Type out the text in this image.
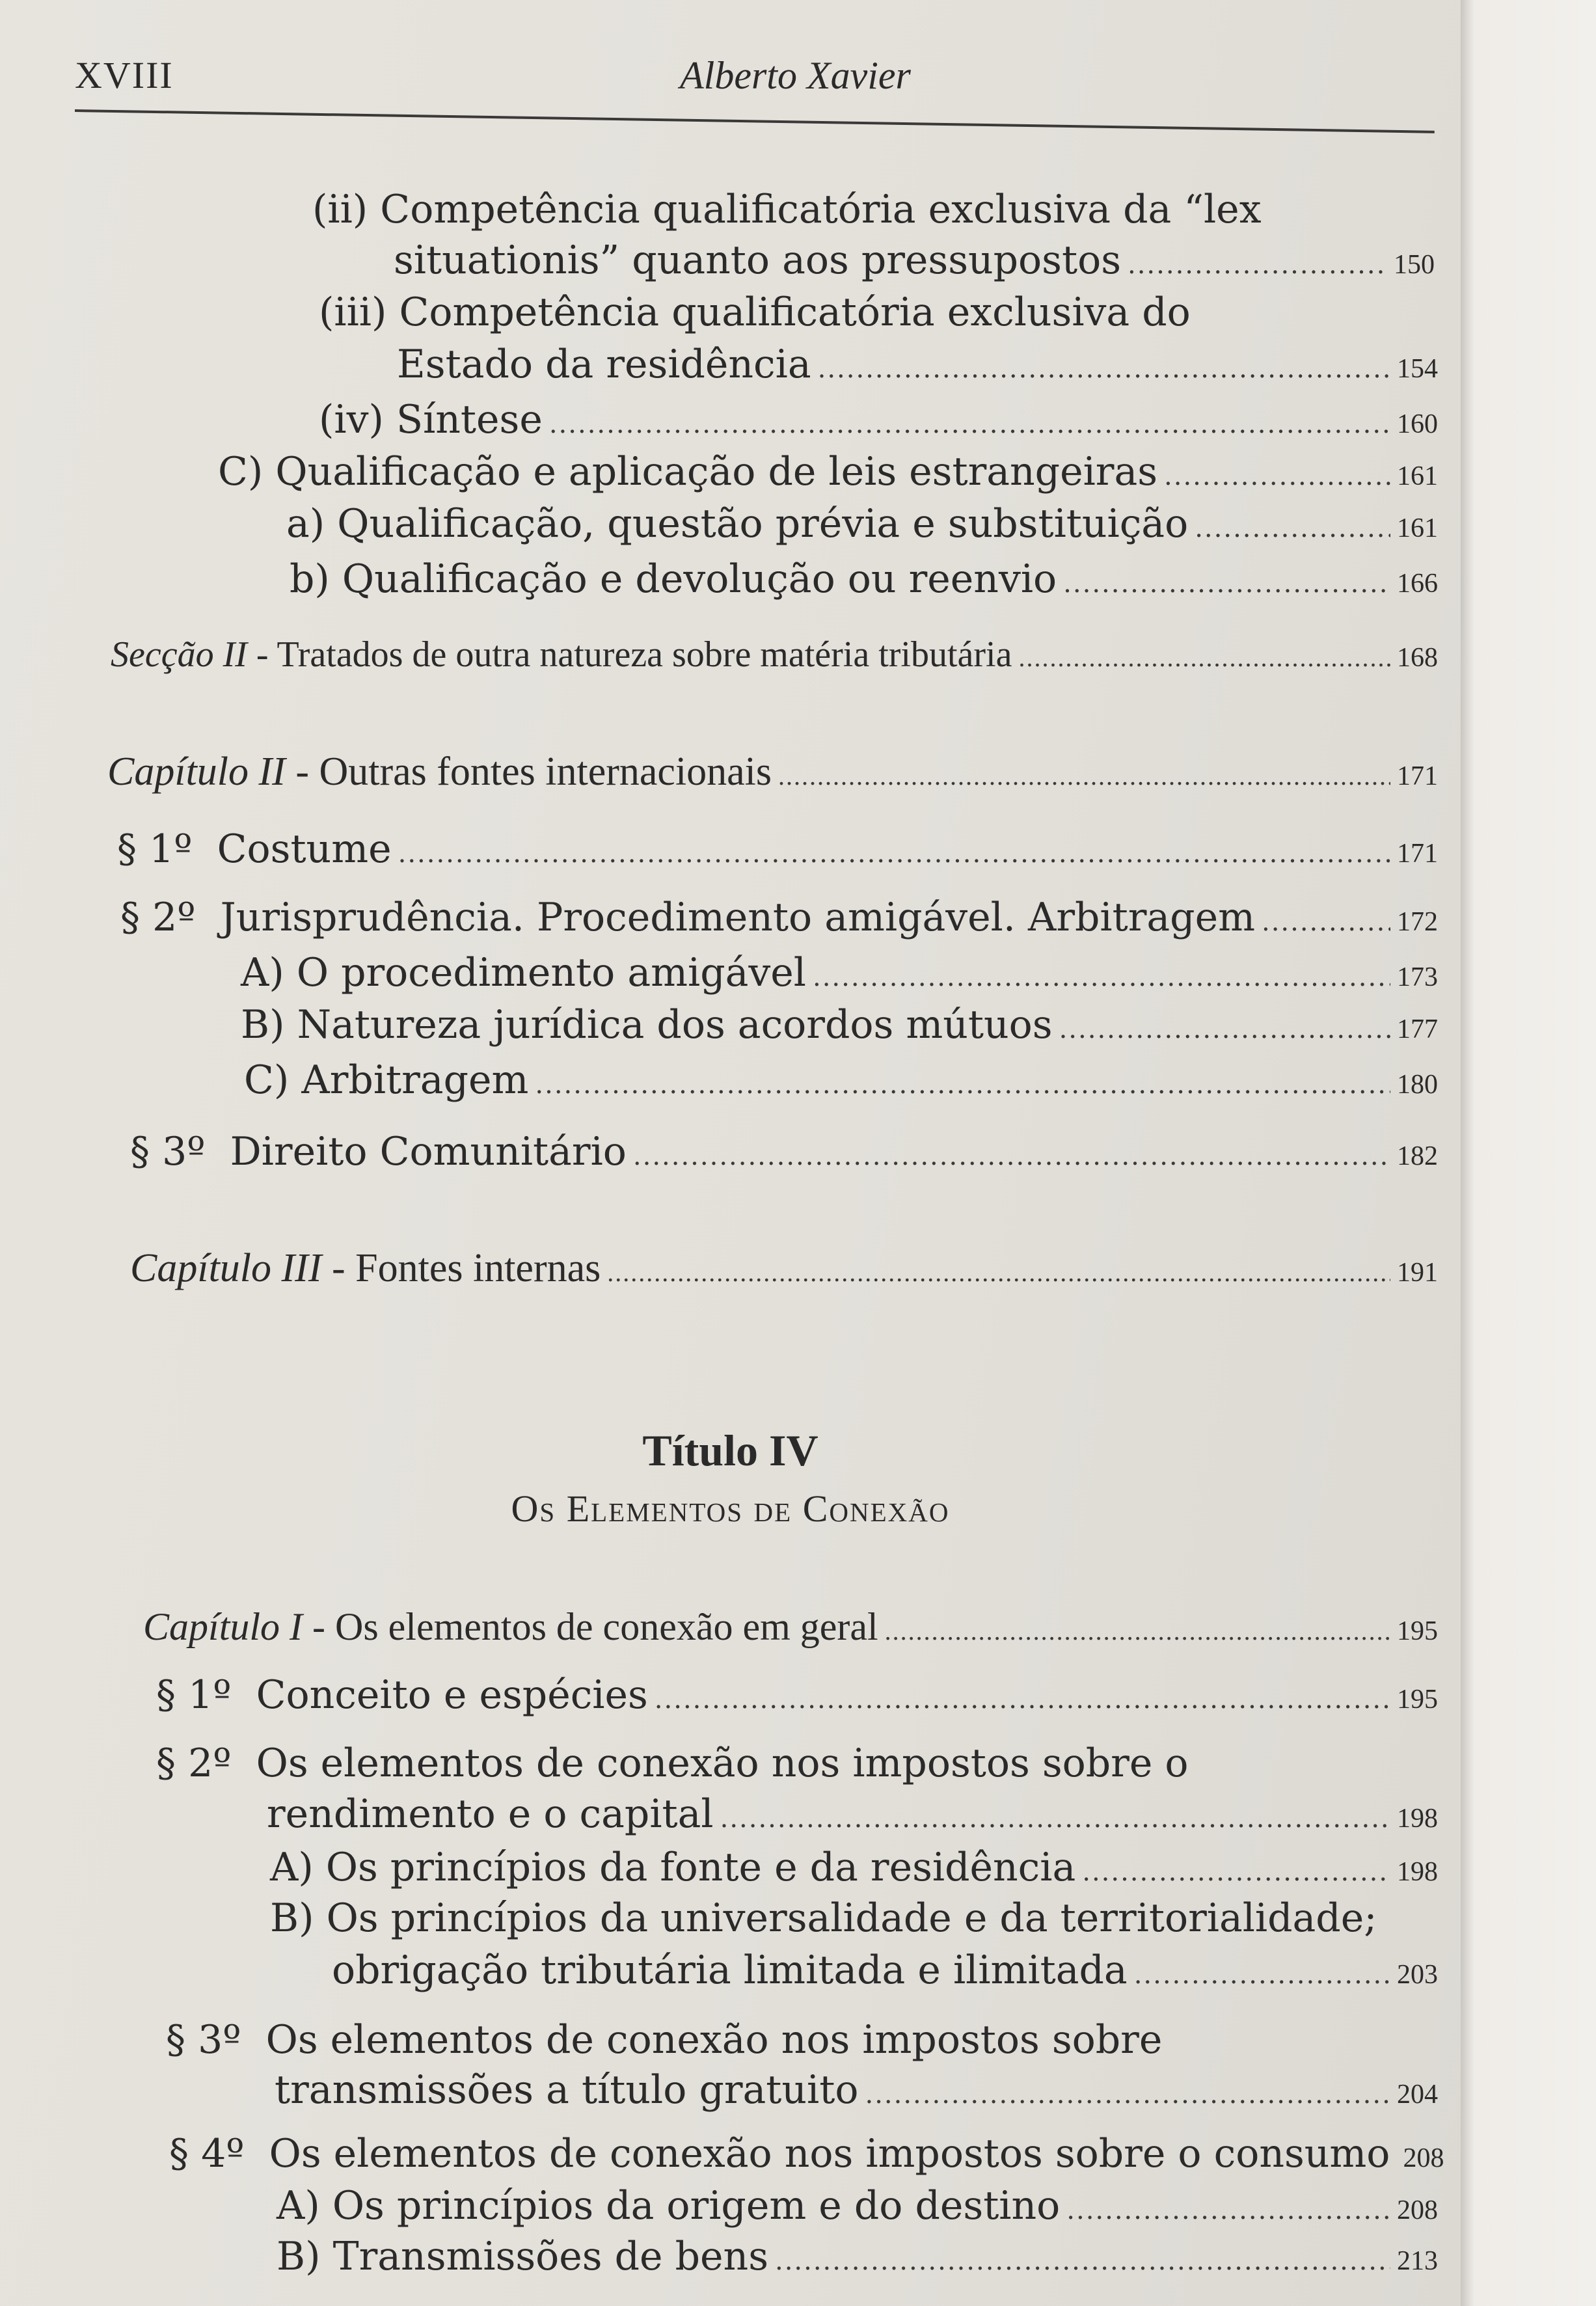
XVIII	Alberto Xavier
(ii) Competência qualificatória exclusiva da “lex
situationis” quanto aos pressupostos .....	150
(iii) Competência qualificatória exclusiva do
Estado da residência .....	154
(iv) Síntese .....	160
C) Qualificação e aplicação de leis estrangeiras .....	161
a) Qualificação, questão prévia e substituição .....	161
b) Qualificação e devolução ou reenvio .....	166
Secção II - Tratados de outra natureza sobre matéria tributária .....	168
Capítulo II - Outras fontes internacionais .....	171
§ 1º Costume .....	171
§ 2º Jurisprudência. Procedimento amigável. Arbitragem .....	172
A) O procedimento amigável .....	173
B) Natureza jurídica dos acordos mútuos .....	177
C) Arbitragem .....	180
§ 3º Direito Comunitário .....	182
Capítulo III - Fontes internas .....	191
Título IV
Os Elementos de Conexão
Capítulo I - Os elementos de conexão em geral .....	195
§ 1º Conceito e espécies .....	195
§ 2º Os elementos de conexão nos impostos sobre o
rendimento e o capital .....	198
A) Os princípios da fonte e da residência .....	198
B) Os princípios da universalidade e da territorialidade;
obrigação tributária limitada e ilimitada .....	203
§ 3º Os elementos de conexão nos impostos sobre
transmissões a título gratuito .....	204
§ 4º Os elementos de conexão nos impostos sobre o consumo 208
A) Os princípios da origem e do destino .....	208
B) Transmissões de bens .....	213
